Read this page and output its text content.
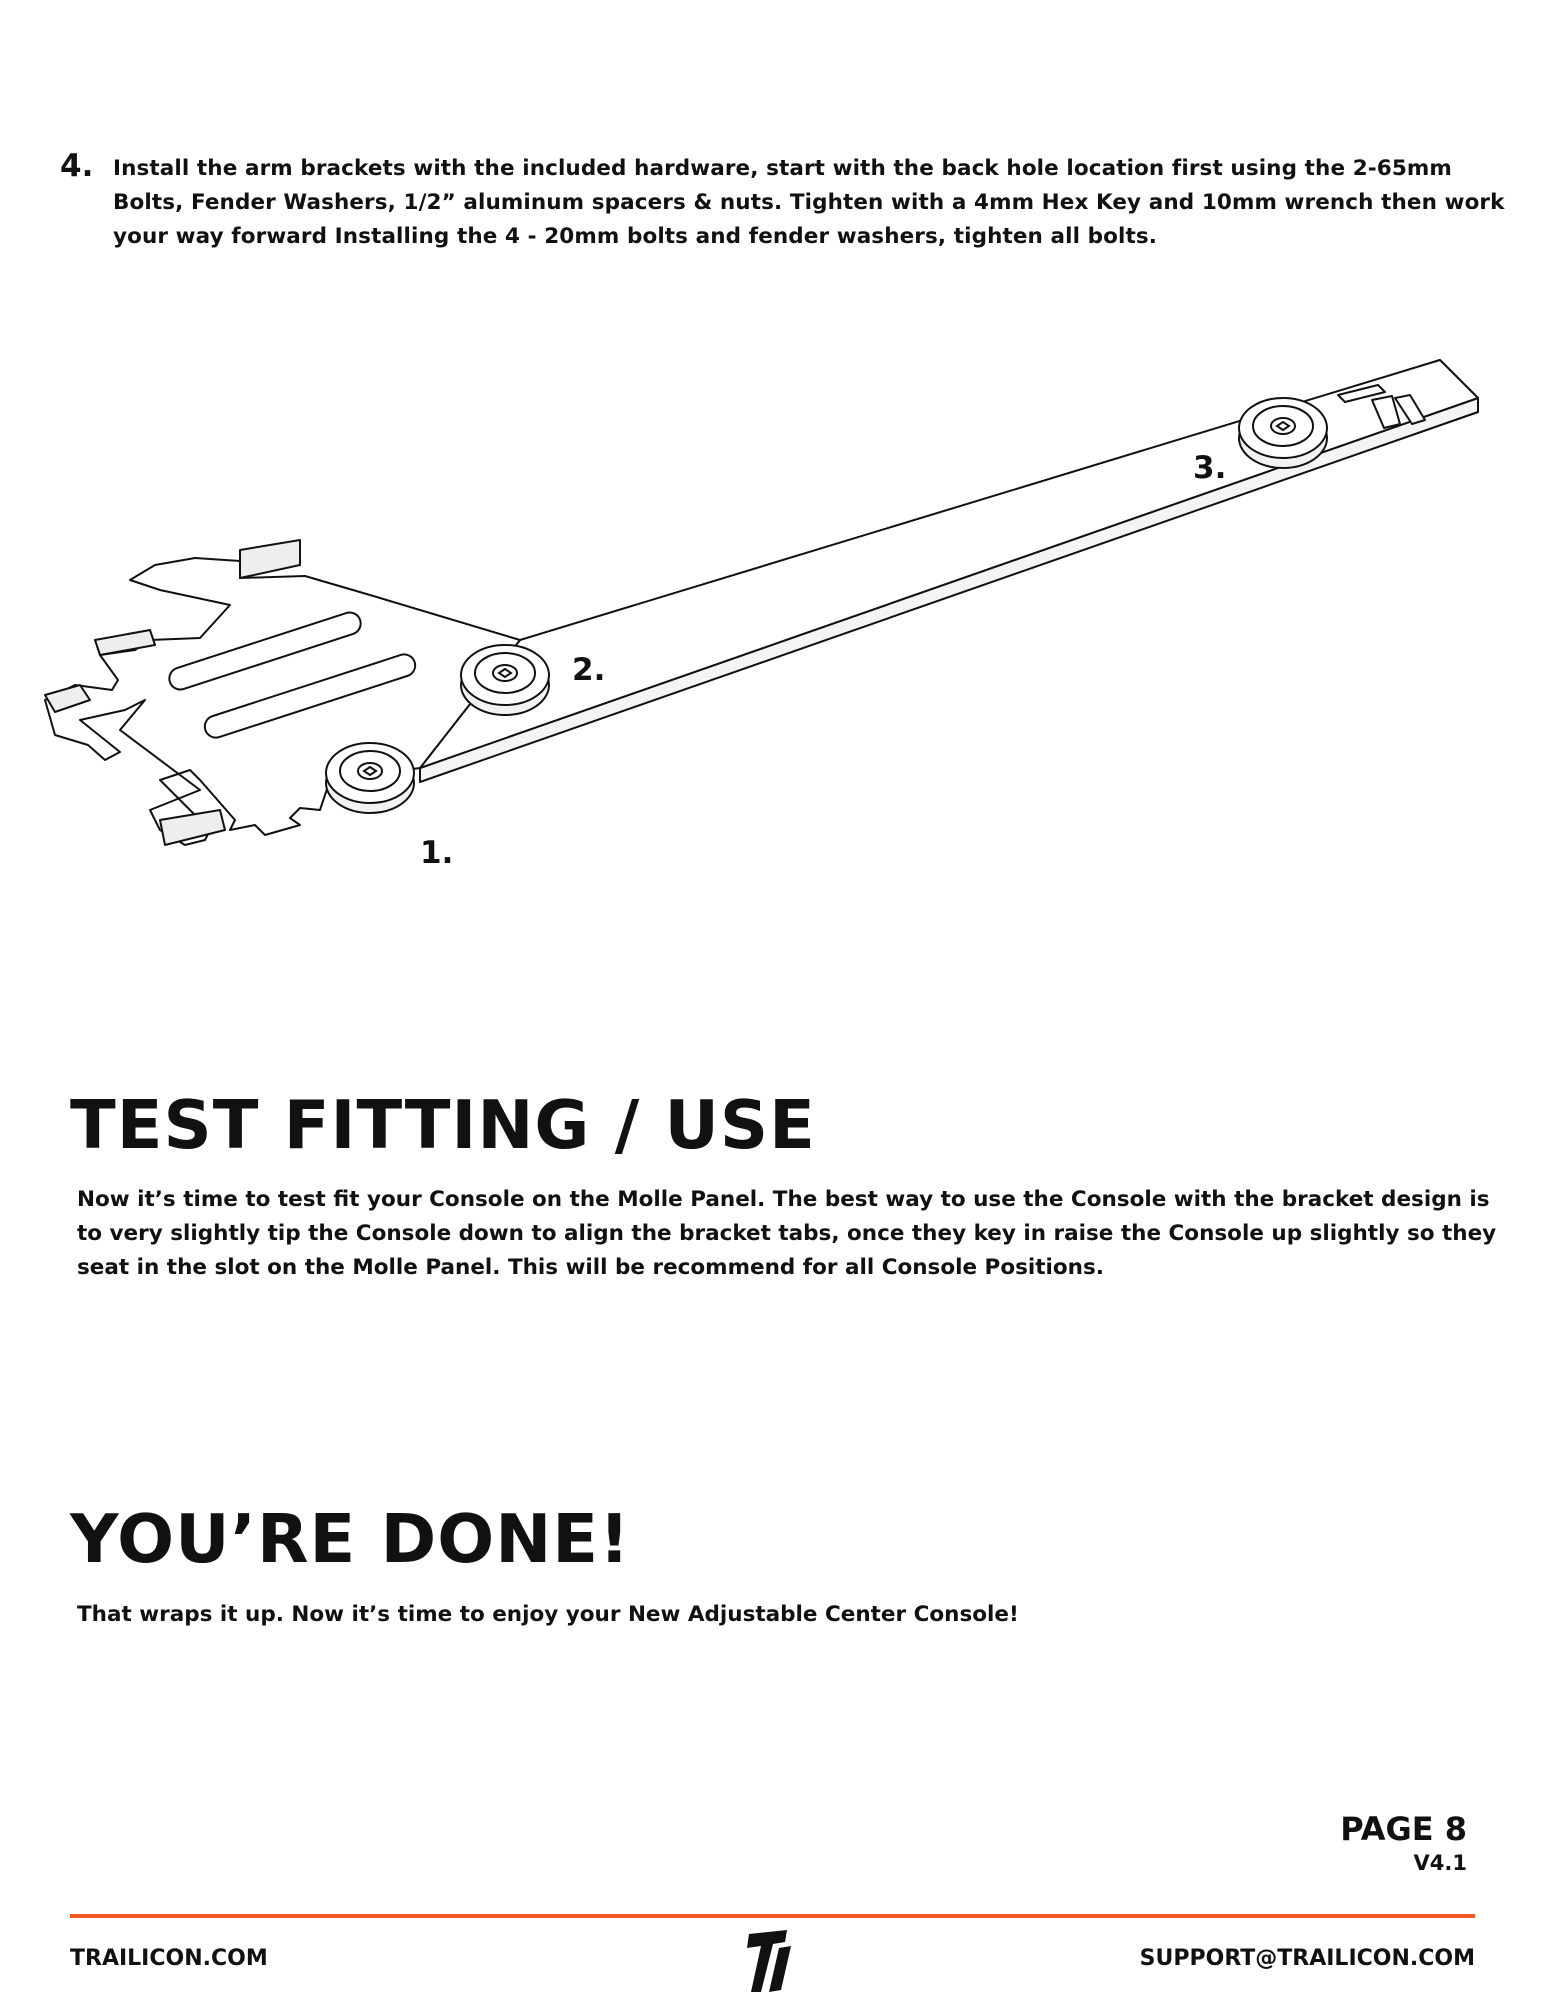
4. Install the arm brackets with the included hardware, start with the back hole location first using the 2-65mm Bolts, Fender Washers, 1/2” aluminum spacers & nuts. Tighten with a 4mm Hex Key and 10mm wrench then work your way forward Installing the 4 - 20mm bolts and fender washers, tighten all bolts.
1.
2.
3.
TEST FITTING / USE
Now it’s time to test fit your Console on the Molle Panel. The best way to use the Console with the bracket design is to very slightly tip the Console down to align the bracket tabs, once they key in raise the Console up slightly so they seat in the slot on the Molle Panel. This will be recommend for all Console Positions.
YOU’RE DONE!
That wraps it up. Now it’s time to enjoy your New Adjustable Center Console!
PAGE 8
V4.1
TRAILICON.COM	SUPPORT@TRAILICON.COM
